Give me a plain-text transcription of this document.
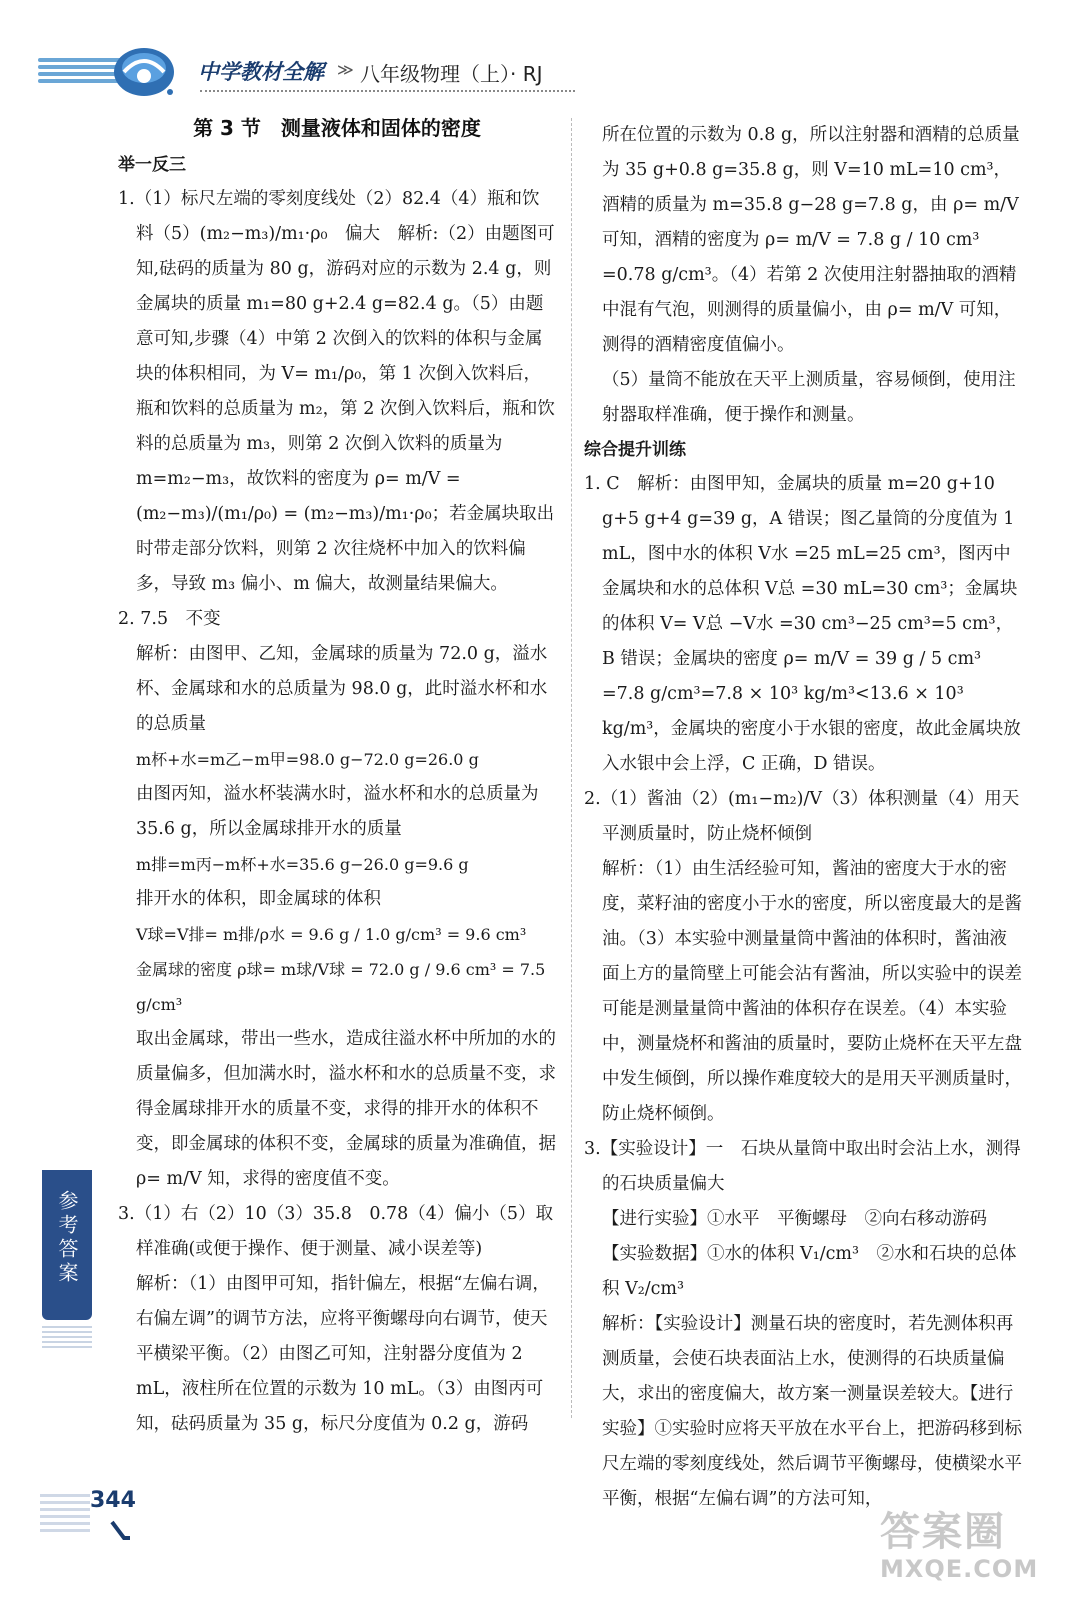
中学教材全解 ≫ 八年级物理（上）· RJ

第 3 节　测量液体和固体的密度

举一反三

1.（1）标尺左端的零刻度线处（2）82.4（4）瓶和饮料（5）(m₂−m₃)/m₁·ρ₀　偏大　解析:（2）由题图可知,砝码的质量为 80 g，游码对应的示数为 2.4 g，则金属块的质量 m₁=80 g+2.4 g=82.4 g。（5）由题意可知,步骤（4）中第 2 次倒入的饮料的体积与金属块的体积相同，为 V= m₁/ρ₀，第 1 次倒入饮料后，瓶和饮料的总质量为 m₂，第 2 次倒入饮料后，瓶和饮料的总质量为 m₃，则第 2 次倒入饮料的质量为 m=m₂−m₃，故饮料的密度为 ρ= m/V = (m₂−m₃)/(m₁/ρ₀) = (m₂−m₃)/m₁·ρ₀；若金属块取出时带走部分饮料，则第 2 次往烧杯中加入的饮料偏多，导致 m₃ 偏小、m 偏大，故测量结果偏大。

2. 7.5　不变

解析：由图甲、乙知，金属球的质量为 72.0 g，溢水杯、金属球和水的总质量为 98.0 g，此时溢水杯和水的总质量

m杯+水=m乙−m甲=98.0 g−72.0 g=26.0 g

由图丙知，溢水杯装满水时，溢水杯和水的总质量为 35.6 g，所以金属球排开水的质量

m排=m丙−m杯+水=35.6 g−26.0 g=9.6 g

排开水的体积，即金属球的体积

V球=V排= m排/ρ水 = 9.6 g / 1.0 g/cm³ = 9.6 cm³

金属球的密度 ρ球= m球/V球 = 72.0 g / 9.6 cm³ = 7.5 g/cm³

取出金属球，带出一些水，造成往溢水杯中所加的水的质量偏多，但加满水时，溢水杯和水的总质量不变，求得金属球排开水的质量不变，求得的排开水的体积不变，即金属球的体积不变，金属球的质量为准确值，据 ρ= m/V 知，求得的密度值不变。

3.（1）右（2）10（3）35.8　0.78（4）偏小（5）取样准确(或便于操作、便于测量、减小误差等)

解析：（1）由图甲可知，指针偏左，根据“左偏右调，右偏左调”的调节方法，应将平衡螺母向右调节，使天平横梁平衡。（2）由图乙可知，注射器分度值为 2 mL，液柱所在位置的示数为 10 mL。（3）由图丙可知，砝码质量为 35 g，标尺分度值为 0.2 g，游码

所在位置的示数为 0.8 g，所以注射器和酒精的总质量为 35 g+0.8 g=35.8 g，则 V=10 mL=10 cm³，酒精的质量为 m=35.8 g−28 g=7.8 g，由 ρ= m/V 可知，酒精的密度为 ρ= m/V = 7.8 g / 10 cm³ =0.78 g/cm³。（4）若第 2 次使用注射器抽取的酒精中混有气泡，则测得的质量偏小，由 ρ= m/V 可知，测得的酒精密度值偏小。

（5）量筒不能放在天平上测质量，容易倾倒，使用注射器取样准确，便于操作和测量。

综合提升训练

1. C　解析：由图甲知，金属块的质量 m=20 g+10 g+5 g+4 g=39 g，A 错误；图乙量筒的分度值为 1 mL，图中水的体积 V水 =25 mL=25 cm³，图丙中金属块和水的总体积 V总 =30 mL=30 cm³；金属块的体积 V= V总 −V水 =30 cm³−25 cm³=5 cm³，B 错误；金属块的密度 ρ= m/V = 39 g / 5 cm³ =7.8 g/cm³=7.8 × 10³ kg/m³<13.6 × 10³ kg/m³，金属块的密度小于水银的密度，故此金属块放入水银中会上浮，C 正确，D 错误。

2.（1）酱油（2）(m₁−m₂)/V（3）体积测量（4）用天平测质量时，防止烧杯倾倒

解析：（1）由生活经验可知，酱油的密度大于水的密度，菜籽油的密度小于水的密度，所以密度最大的是酱油。（3）本实验中测量量筒中酱油的体积时，酱油液面上方的量筒壁上可能会沾有酱油，所以实验中的误差可能是测量量筒中酱油的体积存在误差。（4）本实验中，测量烧杯和酱油的质量时，要防止烧杯在天平左盘中发生倾倒，所以操作难度较大的是用天平测质量时，防止烧杯倾倒。

3.【实验设计】一　石块从量筒中取出时会沾上水，测得的石块质量偏大

【进行实验】①水平　平衡螺母　②向右移动游码

【实验数据】①水的体积 V₁/cm³　②水和石块的总体积 V₂/cm³

解析：【实验设计】测量石块的密度时，若先测体积再测质量，会使石块表面沾上水，使测得的石块质量偏大，求出的密度偏大，故方案一测量误差较大。【进行实验】①实验时应将天平放在水平台上，把游码移到标尺左端的零刻度线处，然后调节平衡螺母，使横梁水平平衡，根据“左偏右调”的方法可知，

参考答案
344
答案圈
MXQE.COM
